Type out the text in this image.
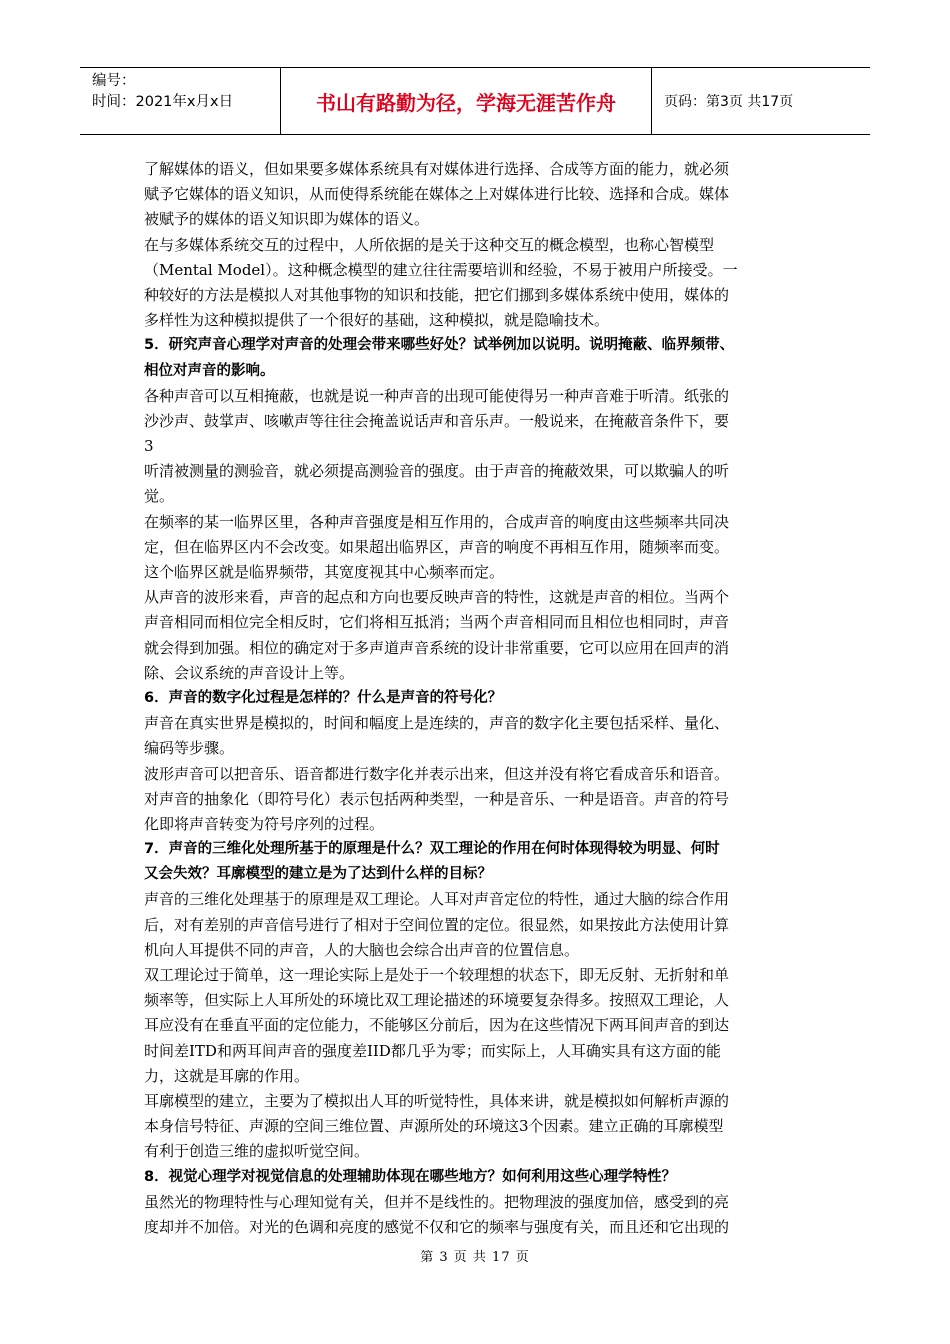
编号：
时间：2021年x月x日	书山有路勤为径，学海无涯苦作舟	页码：第3页 共17页
了解媒体的语义，但如果要多媒体系统具有对媒体进行选择、合成等方面的能力，就必须
赋予它媒体的语义知识，从而使得系统能在媒体之上对媒体进行比较、选择和合成。媒体
被赋予的媒体的语义知识即为媒体的语义。
在与多媒体系统交互的过程中，人所依据的是关于这种交互的概念模型，也称心智模型
（Mental Model）。这种概念模型的建立往往需要培训和经验，不易于被用户所接受。一
种较好的方法是模拟人对其他事物的知识和技能，把它们挪到多媒体系统中使用，媒体的
多样性为这种模拟提供了一个很好的基础，这种模拟，就是隐喻技术。
5．研究声音心理学对声音的处理会带来哪些好处？试举例加以说明。说明掩蔽、临界频带、
相位对声音的影响。
各种声音可以互相掩蔽，也就是说一种声音的出现可能使得另一种声音难于听清。纸张的
沙沙声、鼓掌声、咳嗽声等往往会掩盖说话声和音乐声。一般说来，在掩蔽音条件下，要
3
听清被测量的测验音，就必须提高测验音的强度。由于声音的掩蔽效果，可以欺骗人的听
觉。
在频率的某一临界区里，各种声音强度是相互作用的，合成声音的响度由这些频率共同决
定，但在临界区内不会改变。如果超出临界区，声音的响度不再相互作用，随频率而变。
这个临界区就是临界频带，其宽度视其中心频率而定。
从声音的波形来看，声音的起点和方向也要反映声音的特性，这就是声音的相位。当两个
声音相同而相位完全相反时，它们将相互抵消；当两个声音相同而且相位也相同时，声音
就会得到加强。相位的确定对于多声道声音系统的设计非常重要，它可以应用在回声的消
除、会议系统的声音设计上等。
6．声音的数字化过程是怎样的？什么是声音的符号化？
声音在真实世界是模拟的，时间和幅度上是连续的，声音的数字化主要包括采样、量化、
编码等步骤。
波形声音可以把音乐、语音都进行数字化并表示出来，但这并没有将它看成音乐和语音。
对声音的抽象化（即符号化）表示包括两种类型，一种是音乐、一种是语音。声音的符号
化即将声音转变为符号序列的过程。
7．声音的三维化处理所基于的原理是什么？双工理论的作用在何时体现得较为明显、何时
又会失效？耳廓模型的建立是为了达到什么样的目标？
声音的三维化处理基于的原理是双工理论。人耳对声音定位的特性，通过大脑的综合作用
后，对有差别的声音信号进行了相对于空间位置的定位。很显然，如果按此方法使用计算
机向人耳提供不同的声音，人的大脑也会综合出声音的位置信息。
双工理论过于简单，这一理论实际上是处于一个较理想的状态下，即无反射、无折射和单
频率等，但实际上人耳所处的环境比双工理论描述的环境要复杂得多。按照双工理论，人
耳应没有在垂直平面的定位能力，不能够区分前后，因为在这些情况下两耳间声音的到达
时间差ITD和两耳间声音的强度差IID都几乎为零；而实际上，人耳确实具有这方面的能
力，这就是耳廓的作用。
耳廓模型的建立，主要为了模拟出人耳的听觉特性，具体来讲，就是模拟如何解析声源的
本身信号特征、声源的空间三维位置、声源所处的环境这3个因素。建立正确的耳廓模型
有利于创造三维的虚拟听觉空间。
8．视觉心理学对视觉信息的处理辅助体现在哪些地方？如何利用这些心理学特性？
虽然光的物理特性与心理知觉有关，但并不是线性的。把物理波的强度加倍，感受到的亮
度却并不加倍。对光的色调和亮度的感觉不仅和它的频率与强度有关，而且还和它出现的
第 3 页 共 17 页
